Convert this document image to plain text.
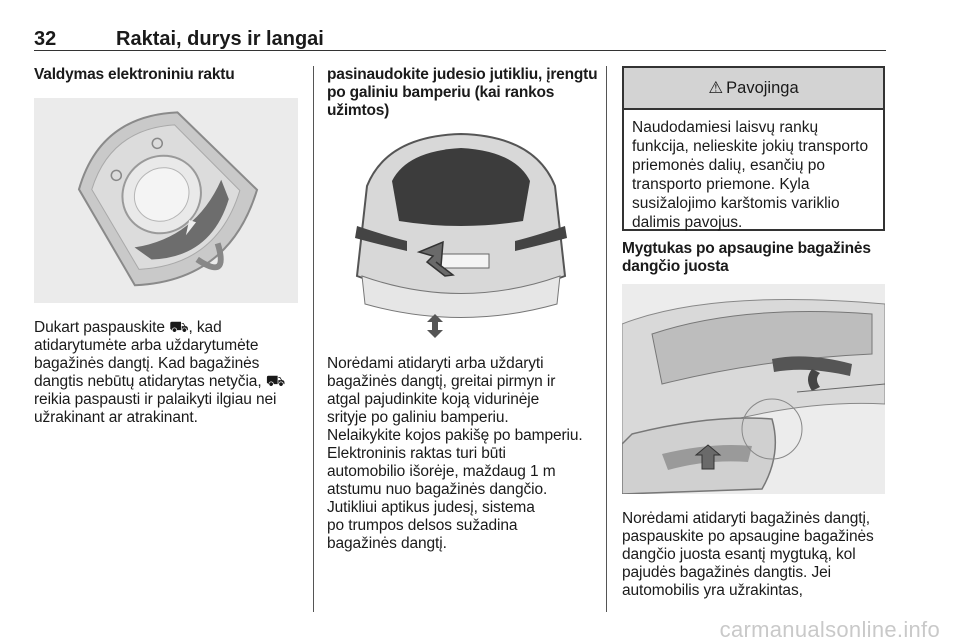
32	Raktai, durys ir langai
Valdymas elektroniniu raktu
Dukart paspauskite ⛟, kad
atidarytumėte arba uždarytumėte
bagažinės dangtį. Kad bagažinės
dangtis nebūtų atidarytas netyčia, ⛟
reikia paspausti ir palaikyti ilgiau nei
užrakinant ar atrakinant.
pasinaudokite judesio jutikliu, įrengtu
po galiniu bamperiu (kai rankos
užimtos)
Norėdami atidaryti arba uždaryti
bagažinės dangtį, greitai pirmyn ir
atgal pajudinkite koją vidurinėje
srityje po galiniu bamperiu.
Nelaikykite kojos pakišę po bamperiu.
Elektroninis raktas turi būti
automobilio išorėje, maždaug 1 m
atstumu nuo bagažinės dangčio.
Jutikliui aptikus judesį, sistema
po trumpos delsos sužadina
bagažinės dangtį.
⚠ Pavojinga
Naudodamiesi laisvų rankų
funkcija, nelieskite jokių transporto
priemonės dalių, esančių po
transporto priemone. Kyla
susižalojimo karštomis variklio
dalimis pavojus.
Mygtukas po apsaugine bagažinės
dangčio juosta
Norėdami atidaryti bagažinės dangtį,
paspauskite po apsaugine bagažinės
dangčio juosta esantį mygtuką, kol
pajudės bagažinės dangtis. Jei
automobilis yra užrakintas,
carmanualsonline.info
